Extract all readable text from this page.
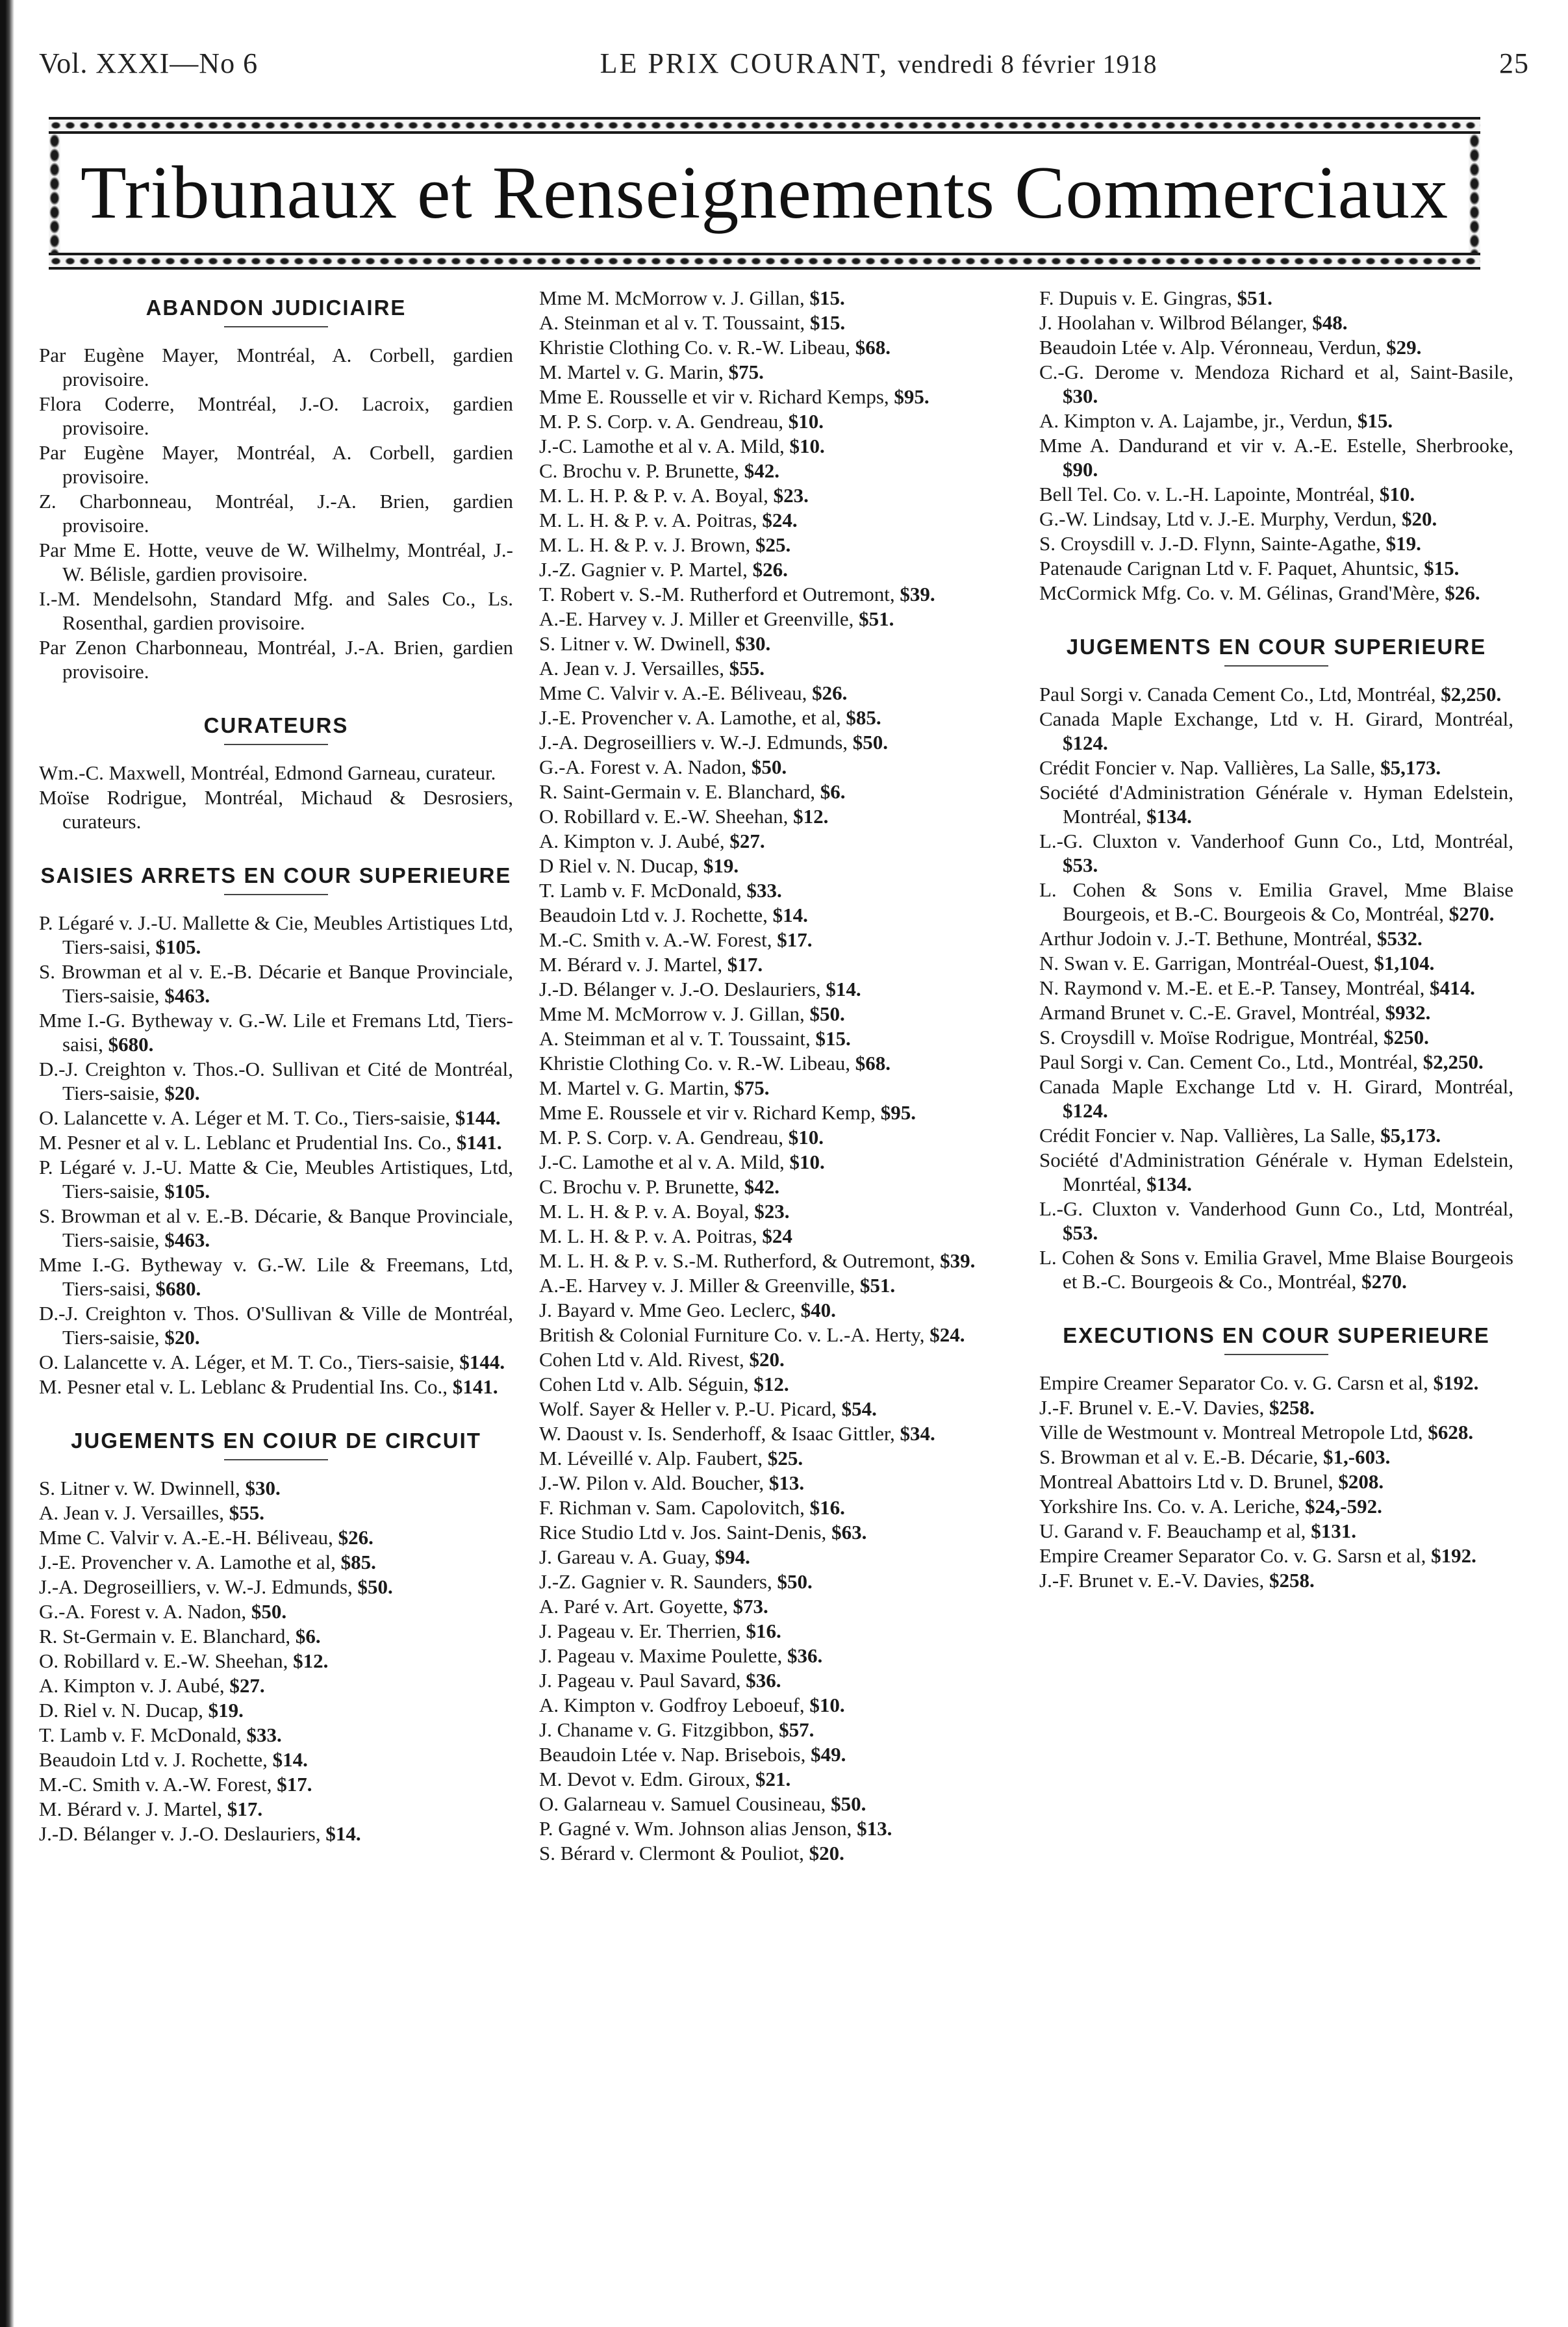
Vol. XXXI—No 6	LE PRIX COURANT, vendredi 8 février 1918	25
Tribunaux et Renseignements Commerciaux
ABANDON JUDICIAIRE

Par Eugène Mayer, Montréal, A. Corbell, gardien provisoire.

Flora Coderre, Montréal, J.-O. Lacroix, gardien provisoire.

Par Eugène Mayer, Montréal, A. Corbell, gardien provisoire.

Z. Charbonneau, Montréal, J.-A. Brien, gardien provisoire.

Par Mme E. Hotte, veuve de W. Wilhelmy, Montréal, J.-W. Bélisle, gardien provisoire.

I.-M. Mendelsohn, Standard Mfg. and Sales Co., Ls. Rosenthal, gardien provisoire.

Par Zenon Charbonneau, Montréal, J.-A. Brien, gardien provisoire.

CURATEURS

Wm.-C. Maxwell, Montréal, Edmond Garneau, curateur.

Moïse Rodrigue, Montréal, Michaud & Desrosiers, curateurs.

SAISIES ARRETS EN COUR SUPERIEURE

P. Légaré v. J.-U. Mallette & Cie, Meubles Artistiques Ltd, Tiers-saisi, $105.

S. Browman et al v. E.-B. Décarie et Banque Provinciale, Tiers-saisie, $463.

Mme I.-G. Bytheway v. G.-W. Lile et Fremans Ltd, Tiers-saisi, $680.

D.-J. Creighton v. Thos.-O. Sullivan et Cité de Montréal, Tiers-saisie, $20.

O. Lalancette v. A. Léger et M. T. Co., Tiers-saisie, $144.

M. Pesner et al v. L. Leblanc et Prudential Ins. Co., $141.

P. Légaré v. J.-U. Matte & Cie, Meubles Artistiques, Ltd, Tiers-saisie, $105.

S. Browman et al v. E.-B. Décarie, & Banque Provinciale, Tiers-saisie, $463.

Mme I.-G. Bytheway v. G.-W. Lile & Freemans, Ltd, Tiers-saisi, $680.

D.-J. Creighton v. Thos. O'Sullivan & Ville de Montréal, Tiers-saisie, $20.

O. Lalancette v. A. Léger, et M. T. Co., Tiers-saisie, $144.

M. Pesner etal v. L. Leblanc & Prudential Ins. Co., $141.

JUGEMENTS EN COIUR DE CIRCUIT

S. Litner v. W. Dwinnell, $30.

A. Jean v. J. Versailles, $55.

Mme C. Valvir v. A.-E.-H. Béliveau, $26.

J.-E. Provencher v. A. Lamothe et al, $85.

J.-A. Degroseilliers, v. W.-J. Edmunds, $50.

G.-A. Forest v. A. Nadon, $50.

R. St-Germain v. E. Blanchard, $6.

O. Robillard v. E.-W. Sheehan, $12.

A. Kimpton v. J. Aubé, $27.

D. Riel v. N. Ducap, $19.

T. Lamb v. F. McDonald, $33.

Beaudoin Ltd v. J. Rochette, $14.

M.-C. Smith v. A.-W. Forest, $17.

M. Bérard v. J. Martel, $17.

J.-D. Bélanger v. J.-O. Deslauriers, $14.

Mme M. McMorrow v. J. Gillan, $15.

A. Steinman et al v. T. Toussaint, $15.

Khristie Clothing Co. v. R.-W. Libeau, $68.

M. Martel v. G. Marin, $75.

Mme E. Rousselle et vir v. Richard Kemps, $95.

M. P. S. Corp. v. A. Gendreau, $10.

J.-C. Lamothe et al v. A. Mild, $10.

C. Brochu v. P. Brunette, $42.

M. L. H. P. & P. v. A. Boyal, $23.

M. L. H. & P. v. A. Poitras, $24.

M. L. H. & P. v. J. Brown, $25.

J.-Z. Gagnier v. P. Martel, $26.

T. Robert v. S.-M. Rutherford et Outremont, $39.

A.-E. Harvey v. J. Miller et Greenville, $51.

S. Litner v. W. Dwinell, $30.

A. Jean v. J. Versailles, $55.

Mme C. Valvir v. A.-E. Béliveau, $26.

J.-E. Provencher v. A. Lamothe, et al, $85.

J.-A. Degroseilliers v. W.-J. Edmunds, $50.

G.-A. Forest v. A. Nadon, $50.

R. Saint-Germain v. E. Blanchard, $6.

O. Robillard v. E.-W. Sheehan, $12.

A. Kimpton v. J. Aubé, $27.

D Riel v. N. Ducap, $19.

T. Lamb v. F. McDonald, $33.

Beaudoin Ltd v. J. Rochette, $14.

M.-C. Smith v. A.-W. Forest, $17.

M. Bérard v. J. Martel, $17.

J.-D. Bélanger v. J.-O. Deslauriers, $14.

Mme M. McMorrow v. J. Gillan, $50.

A. Steimman et al v. T. Toussaint, $15.

Khristie Clothing Co. v. R.-W. Libeau, $68.

M. Martel v. G. Martin, $75.

Mme E. Roussele et vir v. Richard Kemp, $95.

M. P. S. Corp. v. A. Gendreau, $10.

J.-C. Lamothe et al v. A. Mild, $10.

C. Brochu v. P. Brunette, $42.

M. L. H. & P. v. A. Boyal, $23.

M. L. H. & P. v. A. Poitras, $24

M. L. H. & P. v. S.-M. Rutherford, & Outremont, $39.

A.-E. Harvey v. J. Miller & Greenville, $51.

J. Bayard v. Mme Geo. Leclerc, $40.

British & Colonial Furniture Co. v. L.-A. Herty, $24.

Cohen Ltd v. Ald. Rivest, $20.

Cohen Ltd v. Alb. Séguin, $12.

Wolf. Sayer & Heller v. P.-U. Picard, $54.

W. Daoust v. Is. Senderhoff, & Isaac Gittler, $34.

M. Léveillé v. Alp. Faubert, $25.

J.-W. Pilon v. Ald. Boucher, $13.

F. Richman v. Sam. Capolovitch, $16.

Rice Studio Ltd v. Jos. Saint-Denis, $63.

J. Gareau v. A. Guay, $94.

J.-Z. Gagnier v. R. Saunders, $50.

A. Paré v. Art. Goyette, $73.

J. Pageau v. Er. Therrien, $16.

J. Pageau v. Maxime Poulette, $36.

J. Pageau v. Paul Savard, $36.

A. Kimpton v. Godfroy Leboeuf, $10.

J. Chaname v. G. Fitzgibbon, $57.

Beaudoin Ltée v. Nap. Brisebois, $49.

M. Devot v. Edm. Giroux, $21.

O. Galarneau v. Samuel Cousineau, $50.

P. Gagné v. Wm. Johnson alias Jenson, $13.

S. Bérard v. Clermont & Pouliot, $20.

F. Dupuis v. E. Gingras, $51.

J. Hoolahan v. Wilbrod Bélanger, $48.

Beaudoin Ltée v. Alp. Véronneau, Verdun, $29.

C.-G. Derome v. Mendoza Richard et al, Saint-Basile, $30.

A. Kimpton v. A. Lajambe, jr., Verdun, $15.

Mme A. Dandurand et vir v. A.-E. Estelle, Sherbrooke, $90.

Bell Tel. Co. v. L.-H. Lapointe, Montréal, $10.

G.-W. Lindsay, Ltd v. J.-E. Murphy, Verdun, $20.

S. Croysdill v. J.-D. Flynn, Sainte-Agathe, $19.

Patenaude Carignan Ltd v. F. Paquet, Ahuntsic, $15.

McCormick Mfg. Co. v. M. Gélinas, Grand'Mère, $26.

JUGEMENTS EN COUR SUPERIEURE

Paul Sorgi v. Canada Cement Co., Ltd, Montréal, $2,250.

Canada Maple Exchange, Ltd v. H. Girard, Montréal, $124.

Crédit Foncier v. Nap. Vallières, La Salle, $5,173.

Société d'Administration Générale v. Hyman Edelstein, Montréal, $134.

L.-G. Cluxton v. Vanderhoof Gunn Co., Ltd, Montréal, $53.

L. Cohen & Sons v. Emilia Gravel, Mme Blaise Bourgeois, et B.-C. Bourgeois & Co, Montréal, $270.

Arthur Jodoin v. J.-T. Bethune, Montréal, $532.

N. Swan v. E. Garrigan, Montréal-Ouest, $1,104.

N. Raymond v. M.-E. et E.-P. Tansey, Montréal, $414.

Armand Brunet v. C.-E. Gravel, Montréal, $932.

S. Croysdill v. Moïse Rodrigue, Montréal, $250.

Paul Sorgi v. Can. Cement Co., Ltd., Montréal, $2,250.

Canada Maple Exchange Ltd v. H. Girard, Montréal, $124.

Crédit Foncier v. Nap. Vallières, La Salle, $5,173.

Société d'Administration Générale v. Hyman Edelstein, Monrtéal, $134.

L.-G. Cluxton v. Vanderhood Gunn Co., Ltd, Montréal, $53.

L. Cohen & Sons v. Emilia Gravel, Mme Blaise Bourgeois et B.-C. Bourgeois & Co., Montréal, $270.

EXECUTIONS EN COUR SUPERIEURE

Empire Creamer Separator Co. v. G. Carsn et al, $192.

J.-F. Brunel v. E.-V. Davies, $258.

Ville de Westmount v. Montreal Metropole Ltd, $628.

S. Browman et al v. E.-B. Décarie, $1,-603.

Montreal Abattoirs Ltd v. D. Brunel, $208.

Yorkshire Ins. Co. v. A. Leriche, $24,-592.

U. Garand v. F. Beauchamp et al, $131.

Empire Creamer Separator Co. v. G. Sarsn et al, $192.

J.-F. Brunet v. E.-V. Davies, $258.
